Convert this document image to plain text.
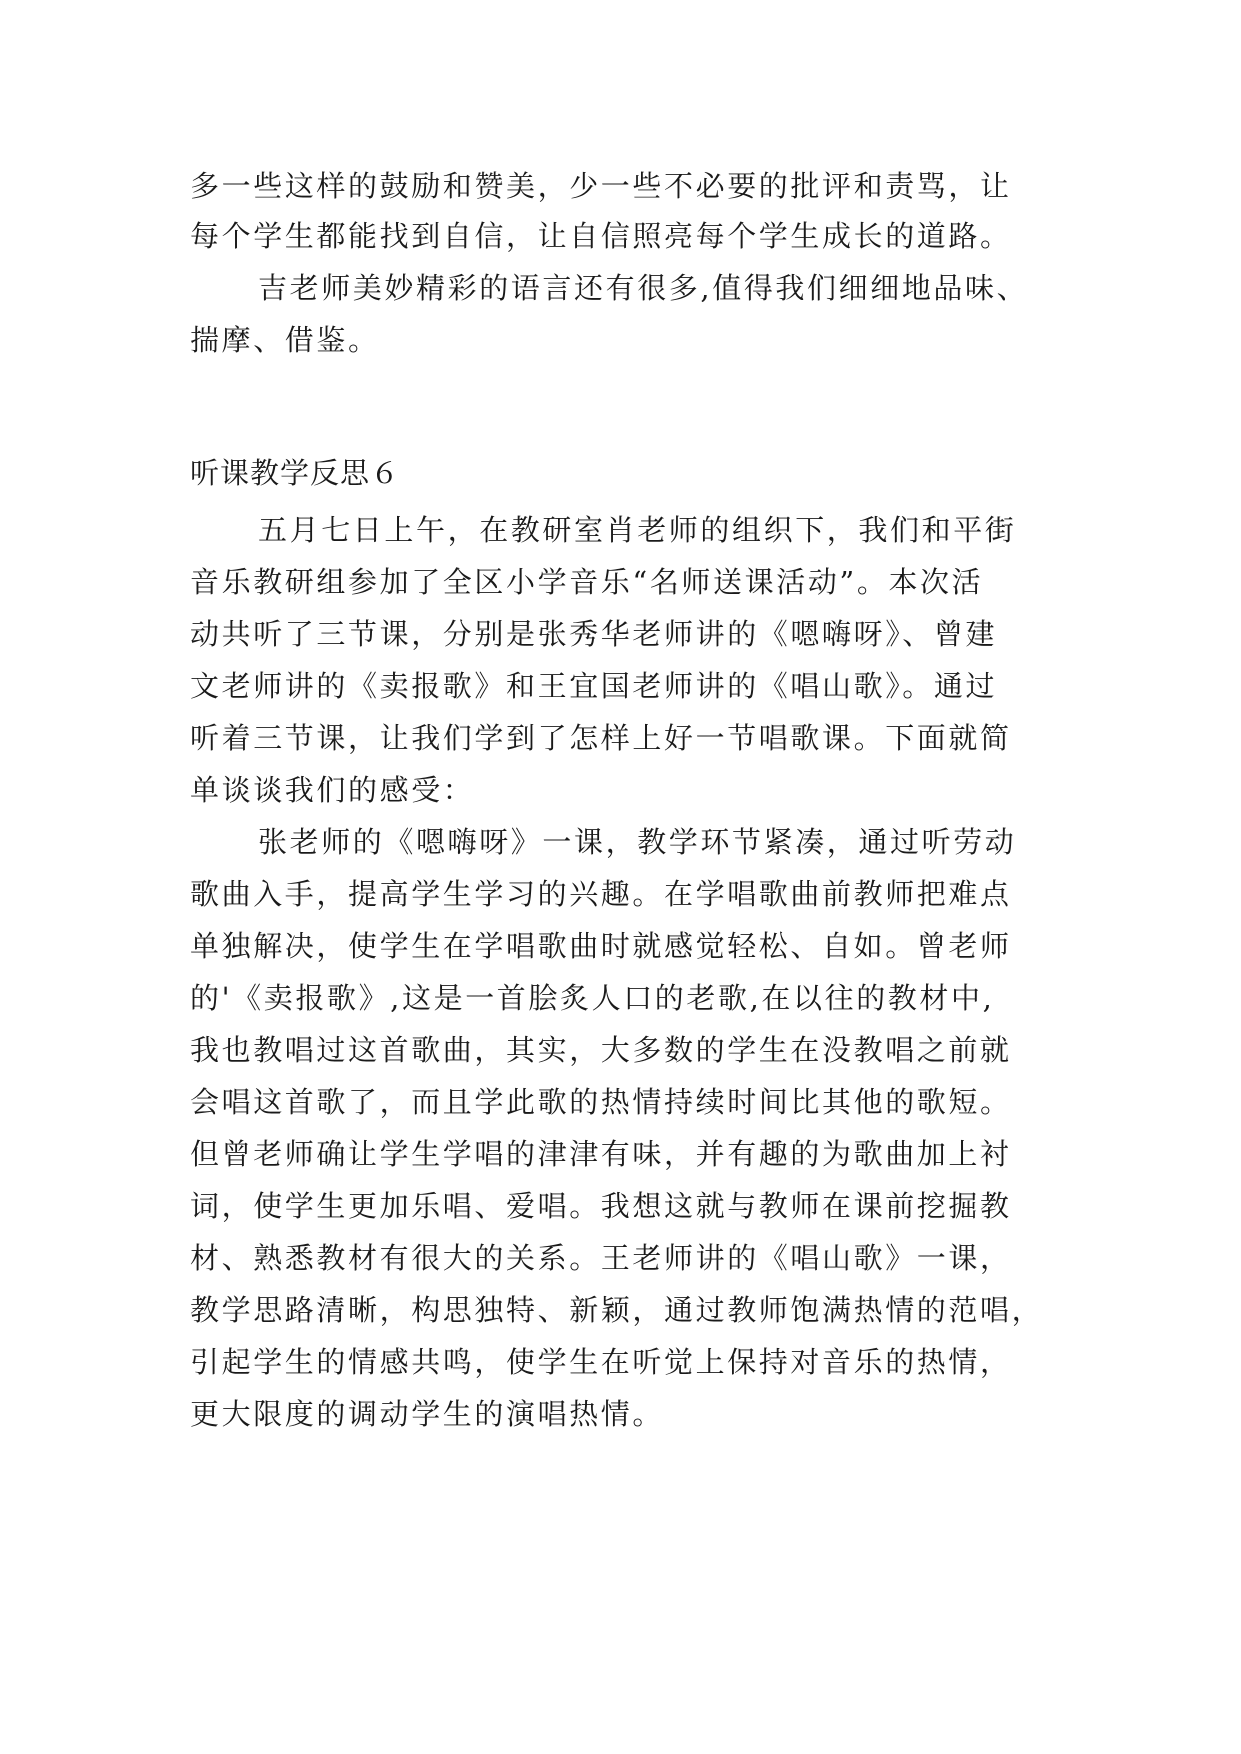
多一些这样的鼓励和赞美，少一些不必要的批评和责骂，让
每个学生都能找到自信，让自信照亮每个学生成长的道路。
吉老师美妙精彩的语言还有很多,值得我们细细地品味、
揣摩、借鉴。
听课教学反思６
五月七日上午，在教研室肖老师的组织下，我们和平街
音乐教研组参加了全区小学音乐“名师送课活动”。本次活
动共听了三节课，分别是张秀华老师讲的《嗯嗨呀》、曾建
文老师讲的《卖报歌》和王宜国老师讲的《唱山歌》。通过
听着三节课，让我们学到了怎样上好一节唱歌课。下面就简
单谈谈我们的感受：
张老师的《嗯嗨呀》一课，教学环节紧凑，通过听劳动
歌曲入手，提高学生学习的兴趣。在学唱歌曲前教师把难点
单独解决，使学生在学唱歌曲时就感觉轻松、自如。曾老师
的'《卖报歌》,这是一首脍炙人口的老歌,在以往的教材中,
我也教唱过这首歌曲，其实，大多数的学生在没教唱之前就
会唱这首歌了，而且学此歌的热情持续时间比其他的歌短。
但曾老师确让学生学唱的津津有味，并有趣的为歌曲加上衬
词，使学生更加乐唱、爱唱。我想这就与教师在课前挖掘教
材、熟悉教材有很大的关系。王老师讲的《唱山歌》一课，
教学思路清晰，构思独特、新颖，通过教师饱满热情的范唱，
引起学生的情感共鸣，使学生在听觉上保持对音乐的热情，
更大限度的调动学生的演唱热情。
